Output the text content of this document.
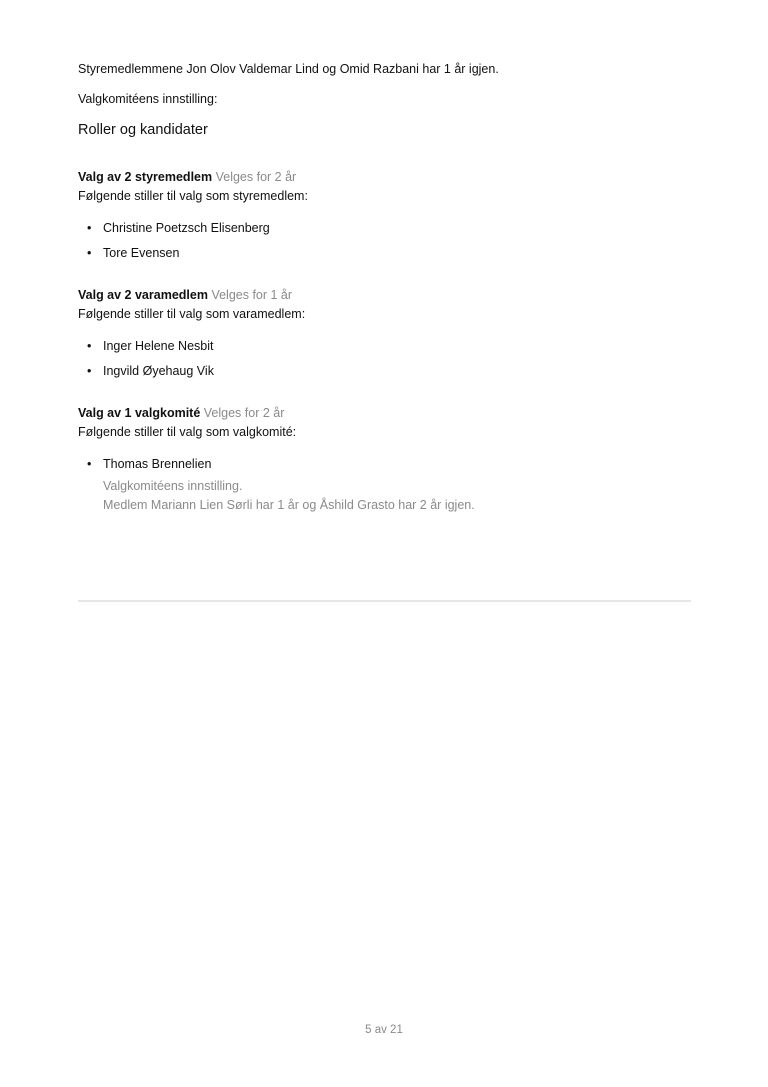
Styremedlemmene Jon Olov Valdemar Lind og Omid Razbani har 1 år igjen.

Valgkomitéens innstilling:

Roller og kandidater

Valg av 2 styremedlem Velges for 2 år

Følgende stiller til valg som styremedlem:

• Christine Poetzsch Elisenberg
• Tore Evensen

Valg av 2 varamedlem Velges for 1 år

Følgende stiller til valg som varamedlem:

• Inger Helene Nesbit
• Ingvild Øyehaug Vik

Valg av 1 valgkomité Velges for 2 år

Følgende stiller til valg som valgkomité:

• Thomas Brennelien
Valgkomitéens innstilling.
Medlem Mariann Lien Sørli har 1 år og Åshild Grasto har 2 år igjen.
5 av 21
